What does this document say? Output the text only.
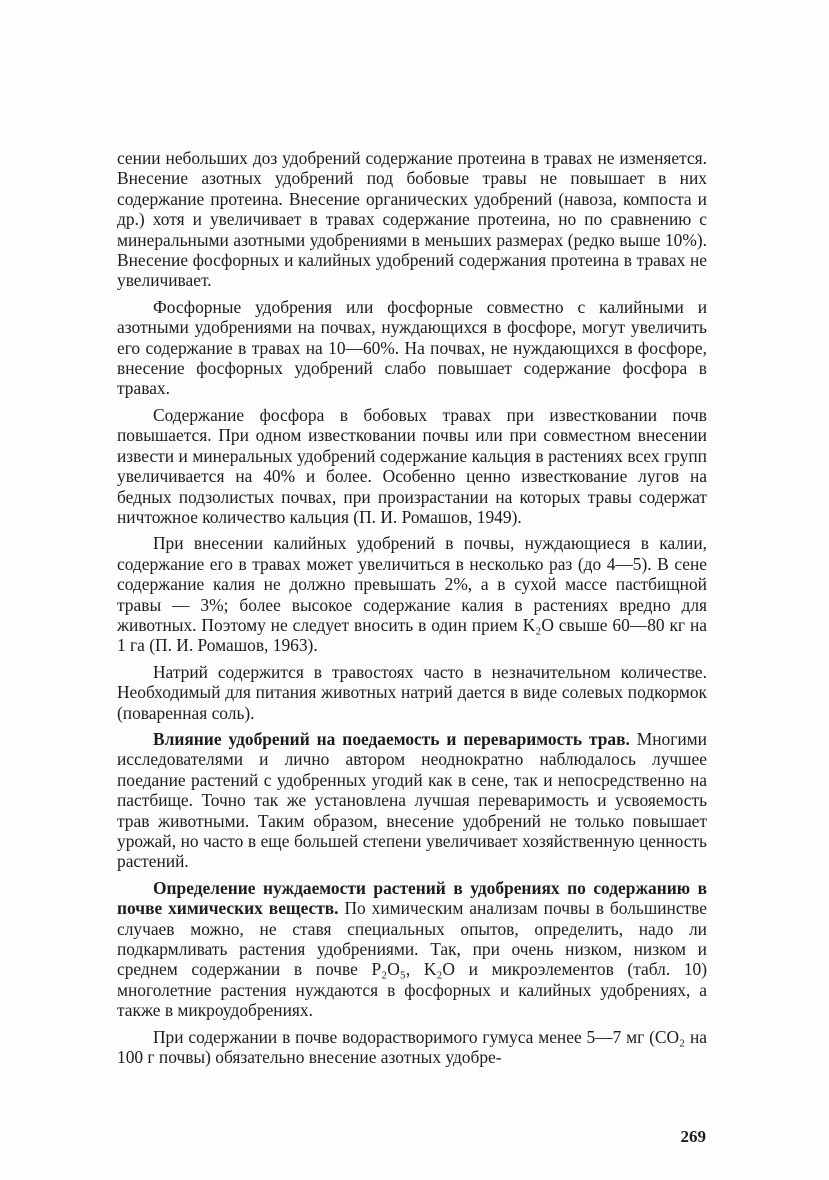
сении небольших доз удобрений содержание протеина в травах не изменяется. Внесение азотных удобрений под бобовые травы не повышает в них содержание протеина. Внесение органических удобрений (навоза, компоста и др.) хотя и увеличивает в травах содержание протеина, но по сравнению с минеральными азотными удобрениями в меньших размерах (редко выше 10%). Внесение фосфорных и калийных удобрений содержания протеина в травах не увеличивает.

Фосфорные удобрения или фосфорные совместно с калийными и азотными удобрениями на почвах, нуждающихся в фосфоре, могут увеличить его содержание в травах на 10—60%. На почвах, не нуждающихся в фосфоре, внесение фосфорных удобрений слабо повышает содержание фосфора в травах.

Содержание фосфора в бобовых травах при известковании почв повышается. При одном известковании почвы или при совместном внесении извести и минеральных удобрений содержание кальция в растениях всех групп увеличивается на 40% и более. Особенно ценно известкование лугов на бедных подзолистых почвах, при произрастании на которых травы содержат ничтожное количество кальция (П. И. Ромашов, 1949).

При внесении калийных удобрений в почвы, нуждающиеся в калии, содержание его в травах может увеличиться в несколько раз (до 4—5). В сене содержание калия не должно превышать 2%, а в сухой массе пастбищной травы — 3%; более высокое содержание калия в растениях вредно для животных. Поэтому не следует вносить в один прием K₂O свыше 60—80 кг на 1 га (П. И. Ромашов, 1963).

Натрий содержится в травостоях часто в незначительном количестве. Необходимый для питания животных натрий дается в виде солевых подкормок (поваренная соль).

Влияние удобрений на поедаемость и переваримость трав. Многими исследователями и лично автором неоднократно наблюдалось лучшее поедание растений с удобренных угодий как в сене, так и непосредственно на пастбище. Точно так же установлена лучшая переваримость и усвояемость трав животными. Таким образом, внесение удобрений не только повышает урожай, но часто в еще большей степени увеличивает хозяйственную ценность растений.

Определение нуждаемости растений в удобрениях по содержанию в почве химических веществ. По химическим анализам почвы в большинстве случаев можно, не ставя специальных опытов, определить, надо ли подкармливать растения удобрениями. Так, при очень низком, низком и среднем содержании в почве P₂O₅, K₂O и микроэлементов (табл. 10) многолетние растения нуждаются в фосфорных и калийных удобрениях, а также в микроудобрениях.

При содержании в почве водорастворимого гумуса менее 5—7 мг (CO₂ на 100 г почвы) обязательно внесение азотных удобре-

269
